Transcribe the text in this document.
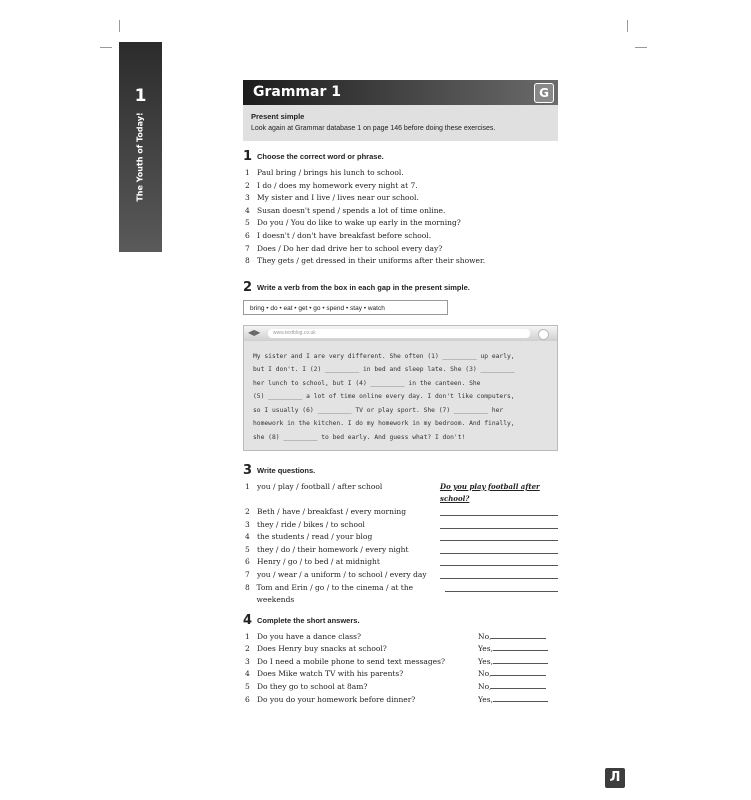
1
The Youth of Today!
Grammar 1	G
Present simple
Look again at Grammar database 1 on page 146 before doing these exercises.
1 Choose the correct word or phrase.
1 Paul bring / brings his lunch to school.
2 I do / does my homework every night at 7.
3 My sister and I live / lives near our school.
4 Susan doesn't spend / spends a lot of time online.
5 Do you / You do like to wake up early in the morning?
6 I doesn't / don't have breakfast before school.
7 Does / Do her dad drive her to school every day?
8 They gets / get dressed in their uniforms after their shower.
2 Write a verb from the box in each gap in the present simple.
bring • do • eat • get • go • spend • stay • watch
◀▶	www.textblog.co.uk
My sister and I are very different. She often (1) _________ up early,
but I don't. I (2) _________ in bed and sleep late. She (3) _________
her lunch to school, but I (4) _________ in the canteen. She
(5) _________ a lot of time online every day. I don't like computers,
so I usually (6) _________ TV or play sport. She (7) _________ her
homework in the kitchen. I do my homework in my bedroom. And finally,
she (8) _________ to bed early. And guess what? I don't!
3 Write questions.
1 you / play / football / after school	Do you play football after school?
2 Beth / have / breakfast / every morning
3 they / ride / bikes / to school
4 the students / read / your blog
5 they / do / their homework / every night
6 Henry / go / to bed / at midnight
7 you / wear / a uniform / to school / every day
8 Tom and Erin / go / to the cinema / at the weekends
4 Complete the short answers.
1 Do you have a dance class?	No,
2 Does Henry buy snacks at school?	Yes,
3 Do I need a mobile phone to send text messages?	Yes,
4 Does Mike watch TV with his parents?	No,
5 Do they go to school at 8am?	No,
6 Do you do your homework before dinner?	Yes,
Л
